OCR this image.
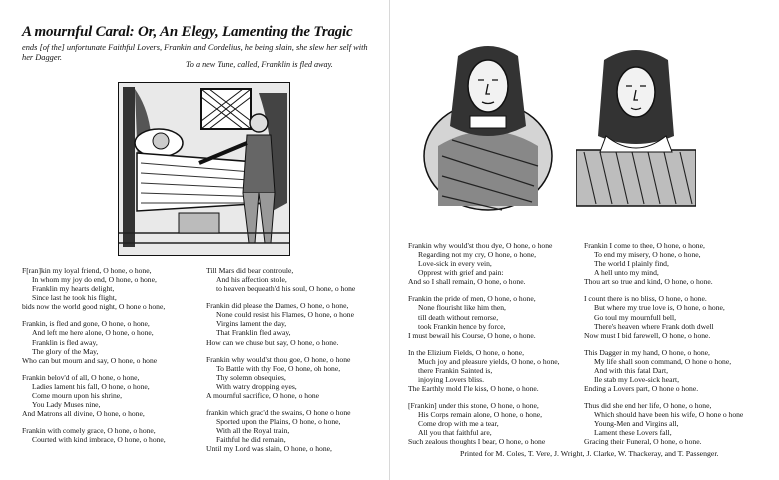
A mournful Caral: Or, An Elegy, Lamenting the Tragic
ends [of the] unfortunate Faithful Lovers, Frankin and Cordelius, he being slain, she slew her self with her Dagger.
To a new Tune, called, Franklin is fled away.
F[ran]kin my loyal friend, O hone, o hone,
In whom my joy do end, O hone, o hone,
Franklin my hearts delight,
Since last he took his flight,
bids now the world good night, O hone o hone,
Frankin, is fled and gone, O hone, o hone,
And left me here alone, O hone, o hone,
Franklin is fled away,
The glory of the May,
Who can but mourn and say, O hone, o hone
Frankin belov'd of all, O hone, o hone,
Ladies lament his fall, O hone, o hone,
Come mourn upon his shrine,
You Lady Muses nine,
And Matrons all divine, O hone, o hone,
Frankin with comely grace, O hone, o hone,
Courted with kind imbrace, O hone, o hone,
Till Mars did bear controule,
And his affection stole,
to heaven bequeath'd his soul, O hone, o hone
Frankin did please the Dames, O hone, o hone,
None could resist his Flames, O hone, o hone
Virgins lament the day,
That Franklin fled away,
How can we chuse but say, O hone, o hone.
Frankin why would'st thou goe, O hone, o hone
To Battle with thy Foe, O hone, oh hone,
Thy solemn obsequies,
With watry dropping eyes,
A mournful sacrifice, O hone, o hone
frankin which grac'd the swains, O hone o hone
Sported upon the Plains, O hone, o hone,
With all the Royal train,
Faithful he did remain,
Until my Lord was slain, O hone, o hone,
Frankin why would'st thou dye, O hone, o hone
Regarding not my cry, O hone, o hone,
Love-sick in every vein,
Opprest with grief and pain:
And so I shall remain, O hone, o hone.
Frankin the pride of men, O hone, o hone,
None flourisht like him then,
till death without remorse,
took Frankin hence by force,
I must bewail his Course, O hone, o hone.
In the Elizium Fields, O hone, o hone,
Much joy and pleasure yields, O hone, o hone,
there Frankin Sainted is,
injoying Lovers bliss.
The Earthly mold I'le kiss, O hone, o hone.
[Frankin] under this stone, O hone, o hone,
His Corps remain alone, O hone, o hone,
Come drop with me a tear,
All you that faithful are,
Such zealous thoughts I bear, O hone, o hone
Frankin I come to thee, O hone, o hone,
To end my misery, O hone, o hone,
The world I plainly find,
A hell unto my mind,
Thou art so true and kind, O hone, o hone.
I count there is no bliss, O hone, o hone.
But where my true love is, O hone, o hone,
Go toul my mournfull bell,
There's heaven where Frank doth dwell
Now must I bid farewell, O hone, o hone.
This Dagger in my hand, O hone, o hone,
My life shall soon command, O hone o hone,
And with this fatal Dart,
Ile stab my Love-sick heart,
Ending a Lovers part, O hone o hone.
Thus did she end her life, O hone, o hone,
Which should have been his wife, O hone o hone
Young-Men and Virgins all,
Lament these Lovers fall,
Gracing their Funeral, O hone, o hone.
Printed for M. Coles, T. Vere, J. Wright, J. Clarke, W. Thackeray, and T. Passenger.
